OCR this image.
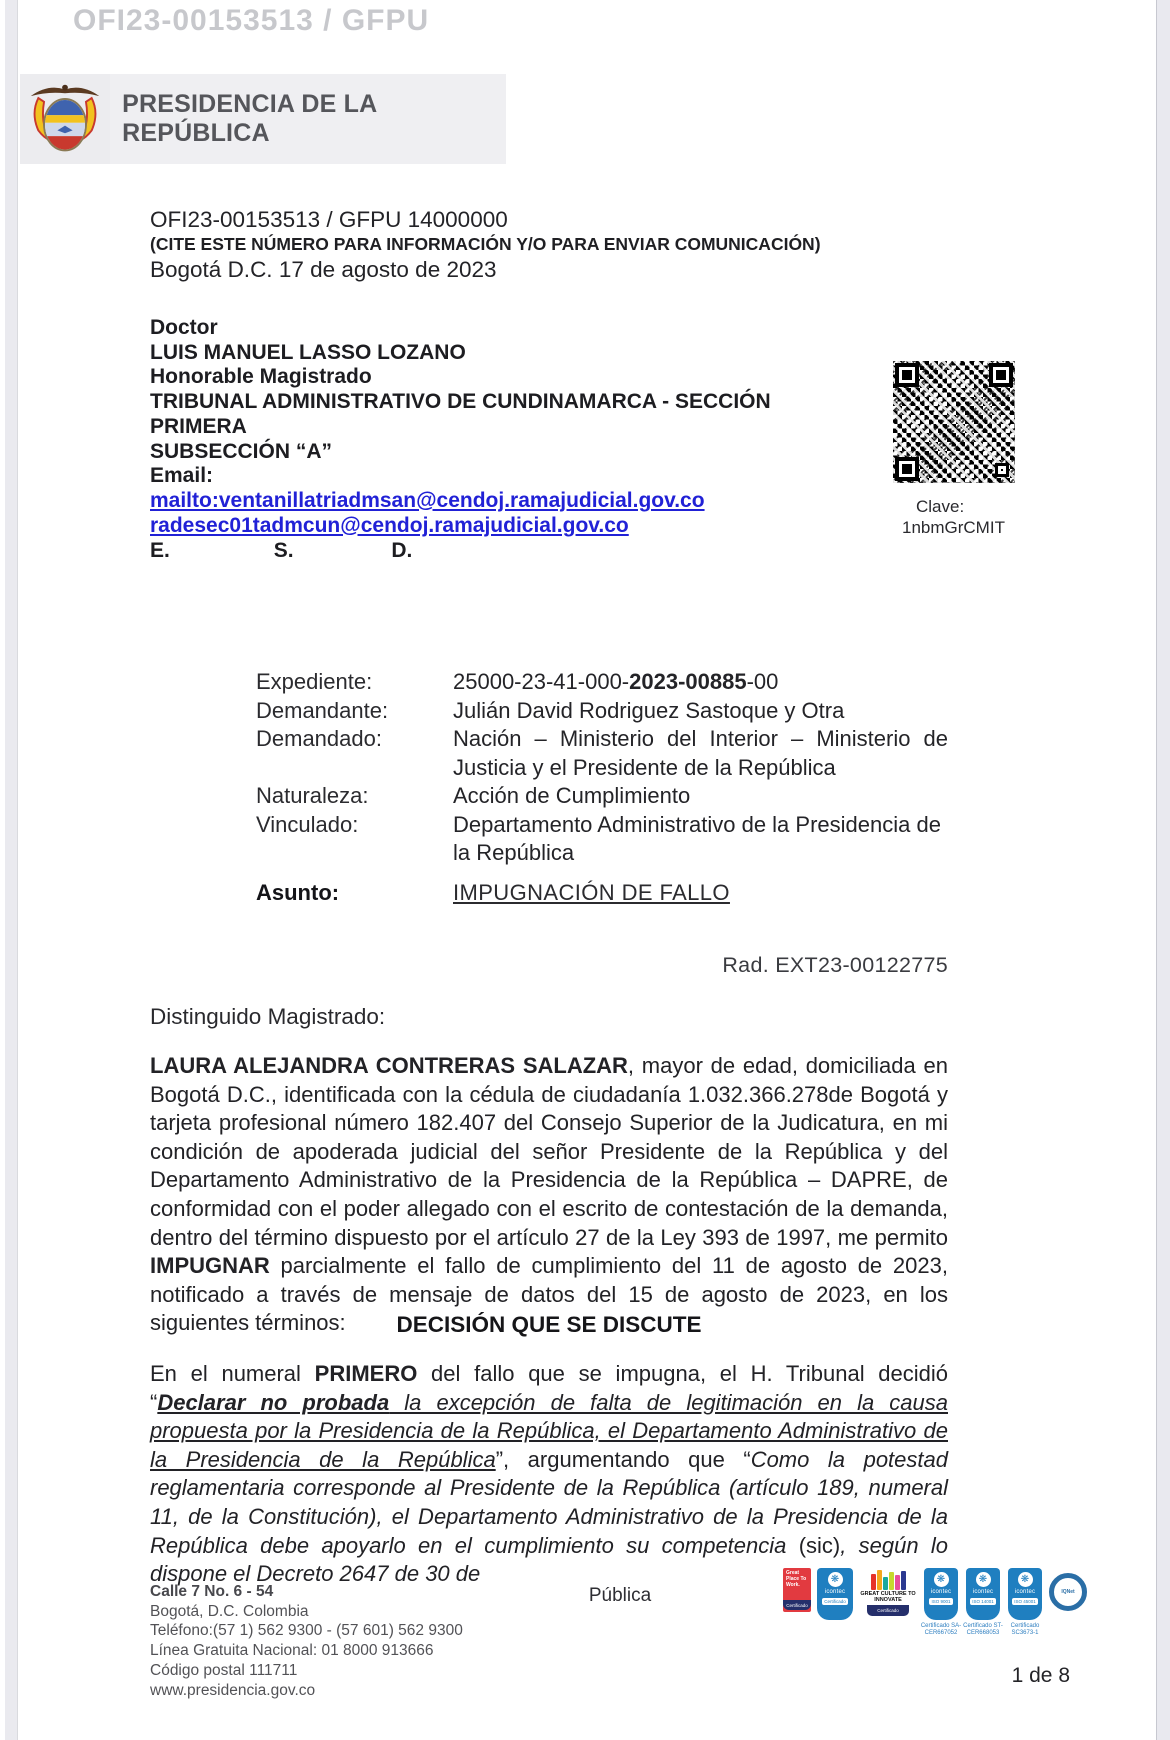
OFI23-00153513 / GFPU
PRESIDENCIA DE LA REPÚBLICA
OFI23-00153513 / GFPU 14000000
(CITE ESTE NÚMERO PARA INFORMACIÓN Y/O PARA ENVIAR COMUNICACIÓN)
Bogotá D.C. 17 de agosto de 2023
Doctor
LUIS MANUEL LASSO LOZANO
Honorable Magistrado
TRIBUNAL ADMINISTRATIVO DE CUNDINAMARCA - SECCIÓN
PRIMERA
SUBSECCIÓN “A”
Email:
mailto:ventanillatriadmsan@cendoj.ramajudicial.gov.co
radesec01tadmcun@cendoj.ramajudicial.gov.co
E.	S.	D.
Clave:
1nbmGrCMIT
Expediente:	25000-23-41-000-2023-00885-00
Demandante:	Julián David Rodriguez Sastoque y Otra
Demandado:	Nación – Ministerio del Interior – Ministerio de
Justicia y el Presidente de la República
Naturaleza:	Acción de Cumplimiento
Vinculado:	Departamento Administrativo de la Presidencia de
la República
Asunto:	IMPUGNACIÓN DE FALLO
Rad. EXT23-00122775
Distinguido Magistrado:
LAURA ALEJANDRA CONTRERAS SALAZAR, mayor de edad, domiciliada en Bogotá D.C., identificada con la cédula de ciudadanía 1.032.366.278de Bogotá y tarjeta profesional número 182.407 del Consejo Superior de la Judicatura, en mi condición de apoderada judicial del señor Presidente de la República y del Departamento Administrativo de la Presidencia de la República – DAPRE, de conformidad con el poder allegado con el escrito de contestación de la demanda, dentro del término dispuesto por el artículo 27 de la Ley 393 de 1997, me permito IMPUGNAR parcialmente el fallo de cumplimiento del 11 de agosto de 2023, notificado a través de mensaje de datos del 15 de agosto de 2023, en los siguientes términos:	DECISIÓN QUE SE DISCUTE
En el numeral PRIMERO del fallo que se impugna, el H. Tribunal decidió “Declarar no probada la excepción de falta de legitimación en la causa propuesta por la Presidencia de la República, el Departamento Administrativo de la Presidencia de la República”, argumentando que “Como la potestad reglamentaria corresponde al Presidente de la República (artículo 189, numeral 11, de la Constitución), el Departamento Administrativo de la Presidencia de la República debe apoyarlo en el cumplimiento su competencia (sic), según lo dispone el Decreto 2647 de 30 de
Calle 7 No. 6 - 54
Bogotá, D.C. Colombia
Teléfono:(57 1) 562 9300 - (57 601) 562 9300
Línea Gratuita Nacional: 01 8000 913666
Código postal 111711
www.presidencia.gov.co
Pública
Great Place To Work.
Certificado
❋
icontec
Certificado
GREAT CULTURE TO INNOVATE
Certificado
❋
icontec
ISO 9001
Certificado SA-CER667052
❋
icontec
ISO 14001
Certificado ST-CER668053
❋
icontec
ISO 45001
Certificado SC3673-1
IQNet
1 de 8
